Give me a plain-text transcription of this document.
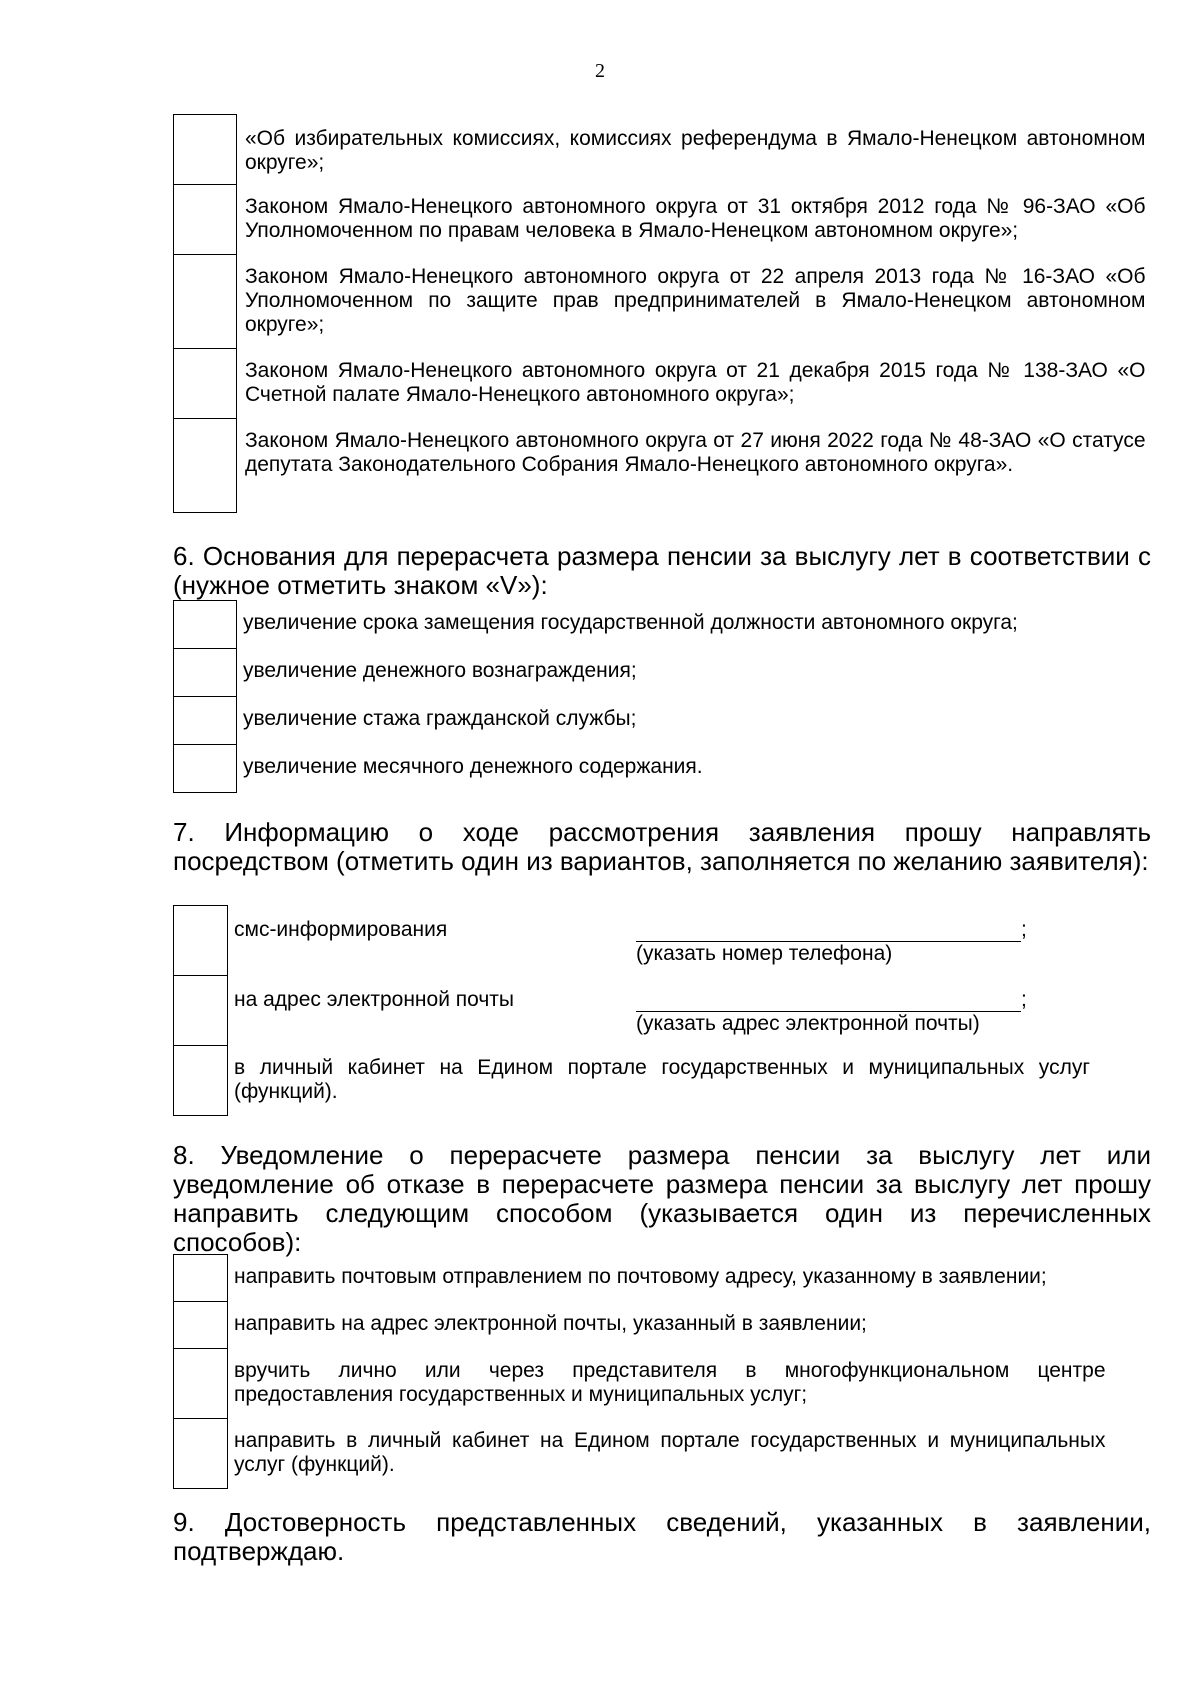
2

	«Об избирательных комиссиях, комиссиях референдума в Ямало-Ненецком автономном округе»;

	Законом Ямало-Ненецкого автономного округа от 31 октября 2012 года № 96-ЗАО «Об Уполномоченном по правам человека в Ямало-Ненецком автономном округе»;

	Законом Ямало-Ненецкого автономного округа от 22 апреля 2013 года № 16-ЗАО «Об Уполномоченном по защите прав предпринимателей в Ямало-Ненецком автономном округе»;

	Законом Ямало-Ненецкого автономного округа от 21 декабря 2015 года № 138-ЗАО «О Счетной палате Ямало-Ненецкого автономного округа»;

	Законом Ямало-Ненецкого автономного округа от 27 июня 2022 года № 48-ЗАО «О статусе депутата Законодательного Собрания Ямало-Ненецкого автономного округа».

6. Основания для перерасчета размера пенсии за выслугу лет в соответствии с (нужное отметить знаком «V»):

	увеличение срока замещения государственной должности автономного округа;

	увеличение денежного вознаграждения;

	увеличение стажа гражданской службы;

	увеличение месячного денежного содержания.

7. Информацию о ходе рассмотрения заявления прошу направлять посредством (отметить один из вариантов, заполняется по желанию заявителя):

	смс-информирования ;
(указать номер телефона)

	на адрес электронной почты ;
(указать адрес электронной почты)

	в личный кабинет на Едином портале государственных и муниципальных услуг (функций).

8. Уведомление о перерасчете размера пенсии за выслугу лет или уведомление об отказе в перерасчете размера пенсии за выслугу лет прошу направить следующим способом (указывается один из перечисленных способов):

	направить почтовым отправлением по почтовому адресу, указанному в заявлении;

	направить на адрес электронной почты, указанный в заявлении;

	вручить лично или через представителя в многофункциональном центре предоставления государственных и муниципальных услуг;

	направить в личный кабинет на Едином портале государственных и муниципальных услуг (функций).

9. Достоверность представленных сведений, указанных в заявлении, подтверждаю.
